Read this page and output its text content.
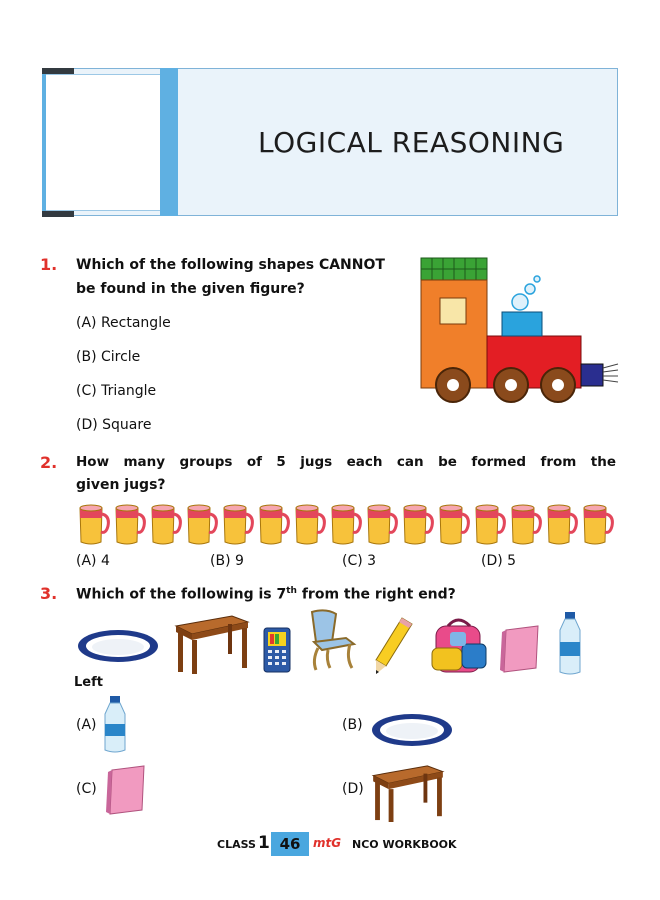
LOGICAL REASONING
1. Which of the following shapes CANNOT
be found in the given figure?
(A) Rectangle
(B) Circle
(C) Triangle
(D) Square
2. How many groups of 5 jugs each can be formed from the
given jugs?
(A) 4	(B) 9	(C) 3	(D) 5
3. Which of the following is 7th from the right end?
Left
(A)	(B)
(C)	(D)
CLASS 1 46	mtG NCO WORKBOOK
